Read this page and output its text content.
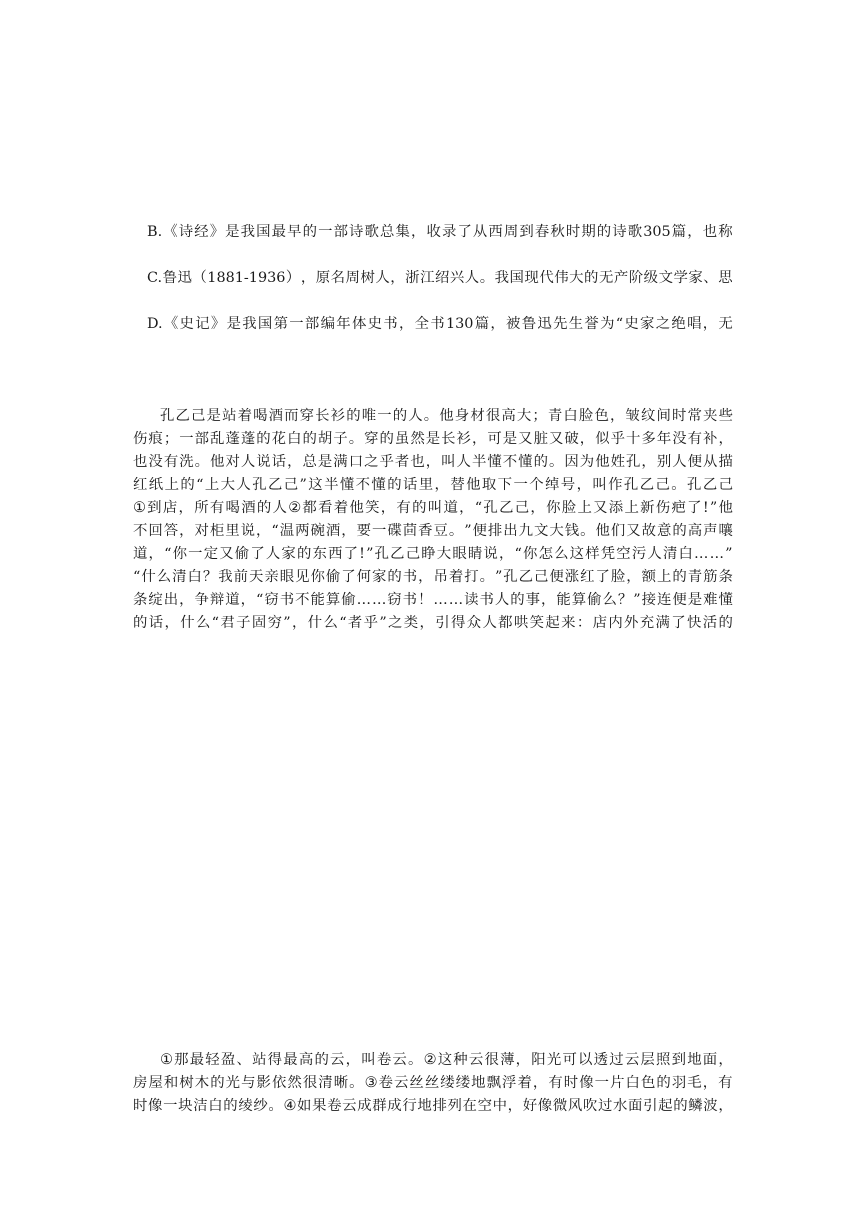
B. 《 诗 经 》 是 我 国 最 早 的 一 部 诗 歌 总 集 ， 收 录 了 从 西 周 到 春 秋 时 期 的 诗 歌 305 篇 ， 也 称
C. 鲁 迅 （ 1881-1936 ） ， 原 名 周 树 人 ， 浙 江 绍 兴 人 。 我 国 现 代 伟 大 的 无 产 阶 级 文 学 家 、 思
D. 《 史 记 》 是 我 国 第 一 部 编 年 体 史 书 ， 全 书 130 篇 ， 被 鲁 迅 先 生 誉 为 “ 史 家 之 绝 唱 ， 无
孔 乙 己 是 站 着 喝 酒 而 穿 长 衫 的 唯 一 的 人 。 他 身 材 很 高 大 ； 青 白 脸 色 ， 皱 纹 间 时 常 夹 些
伤 痕 ； 一 部 乱 蓬 蓬 的 花 白 的 胡 子 。 穿 的 虽 然 是 长 衫 ， 可 是 又 脏 又 破 ， 似 乎 十 多 年 没 有 补 ，
也 没 有 洗 。 他 对 人 说 话 ， 总 是 满 口 之 乎 者 也 ， 叫 人 半 懂 不 懂 的 。 因 为 他 姓 孔 ， 别 人 便 从 描
红 纸 上 的 “ 上 大 人 孔 乙 己 ” 这 半 懂 不 懂 的 话 里 ， 替 他 取 下 一 个 绰 号 ， 叫 作 孔 乙 己 。 孔 乙 己
① 到 店 ， 所 有 喝 酒 的 人 ② 都 看 着 他 笑 ， 有 的 叫 道 ， “ 孔 乙 己 ， 你 脸 上 又 添 上 新 伤 疤 了 ! ” 他
不 回 答 ， 对 柜 里 说 ， “ 温 两 碗 酒 ， 要 一 碟 茴 香 豆 。 ” 便 排 出 九 文 大 钱 。 他 们 又 故 意 的 高 声 嚷
道 ， “ 你 一 定 又 偷 了 人 家 的 东 西 了 ! ” 孔 乙 己 睁 大 眼 睛 说 ， “ 你 怎 么 这 样 凭 空 污 人 清 白 … … ”
“ 什 么 清 白 ？ 我 前 天 亲 眼 见 你 偷 了 何 家 的 书 ， 吊 着 打 。 ” 孔 乙 己 便 涨 红 了 脸 ， 额 上 的 青 筋 条
条 绽 出 ， 争 辩 道 ， “ 窃 书 不 能 算 偷 … … 窃 书 ！ … … 读 书 人 的 事 ， 能 算 偷 么 ？ ” 接 连 便 是 难 懂
的 话 ， 什 么 “ 君 子 固 穷 ” ， 什 么 “ 者 乎 ” 之 类 ， 引 得 众 人 都 哄 笑 起 来 ： 店 内 外 充 满 了 快 活 的
① 那 最 轻 盈 、 站 得 最 高 的 云 ， 叫 卷 云 。 ② 这 种 云 很 薄 ， 阳 光 可 以 透 过 云 层 照 到 地 面 ，
房 屋 和 树 木 的 光 与 影 依 然 很 清 晰 。 ③ 卷 云 丝 丝 缕 缕 地 飘 浮 着 ， 有 时 像 一 片 白 色 的 羽 毛 ， 有
时 像 一 块 洁 白 的 绫 纱 。 ④ 如 果 卷 云 成 群 成 行 地 排 列 在 空 中 ， 好 像 微 风 吹 过 水 面 引 起 的 鳞 波 ，
